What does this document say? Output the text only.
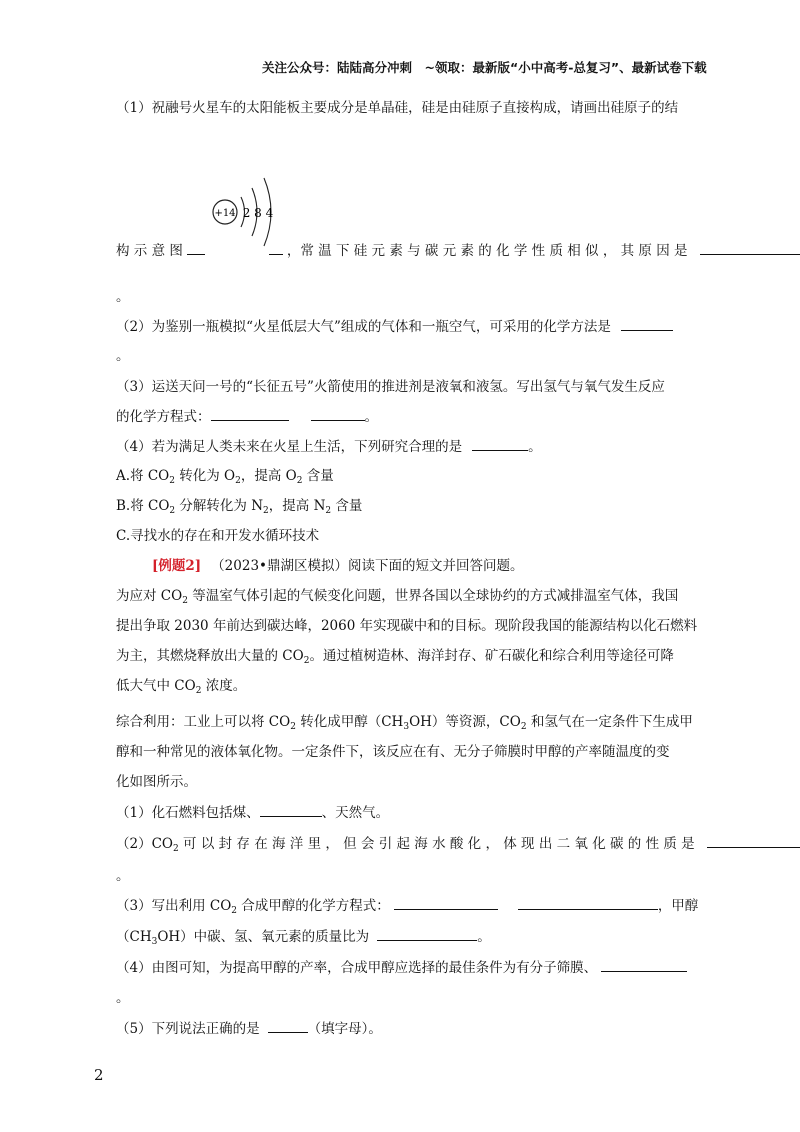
关注公众号：陆陆高分冲刺　~领取：最新版“小中高考-总复习”、最新试卷下载
（1）祝融号火星车的太阳能板主要成分是单晶硅，硅是由硅原子直接构成，请画出硅原子的结
+14 2 8 4
构 示 意 图	，常 温 下 硅 元 素 与 碳 元 素 的 化 学 性 质 相 似 ， 其 原 因 是
。
（2）为鉴别一瓶模拟“火星低层大气”组成的气体和一瓶空气，可采用的化学方法是
。
（3）运送天问一号的“长征五号”火箭使用的推进剂是液氧和液氢。写出氢气与氧气发生反应
的化学方程式：	。
（4）若为满足人类未来在火星上生活，下列研究合理的是	。
A.将 $CO_2$ 转化为 $O_2$，提高 $O_2$ 含量
B.将 $CO_2$ 分解转化为 $N_2$，提高 $N_2$ 含量
C.寻找水的存在和开发水循环技术
[例题2] （2023•鼎湖区模拟）阅读下面的短文并回答问题。
为应对 $CO_2$ 等温室气体引起的气候变化问题，世界各国以全球协约的方式减排温室气体，我国
提出争取 2030 年前达到碳达峰，2060 年实现碳中和的目标。现阶段我国的能源结构以化石燃料
为主，其燃烧释放出大量的 $CO_2$。通过植树造林、海洋封存、矿石碳化和综合利用等途径可降
低大气中 $CO_2$ 浓度。
综合利用：工业上可以将 $CO_2$ 转化成甲醇$(CH_3OH)$等资源，$CO_2$ 和氢气在一定条件下生成甲
醇和一种常见的液体氧化物。一定条件下，该反应在有、无分子筛膜时甲醇的产率随温度的变
化如图所示。
（1）化石燃料包括煤、	、天然气。
$(2)CO_2$ 可 以 封 存 在 海 洋 里 ， 但 会 引 起 海 水 酸 化 ， 体 现 出 二 氧 化 碳 的 性 质 是
。
（3）写出利用 $CO_2$ 合成甲醇的化学方程式：	，甲醇
$(CH_3OH)$中碳、氢、氧元素的质量比为	。
（4）由图可知，为提高甲醇的产率，合成甲醇应选择的最佳条件为有分子筛膜、
。
（5）下列说法正确的是	（填字母）。
2
